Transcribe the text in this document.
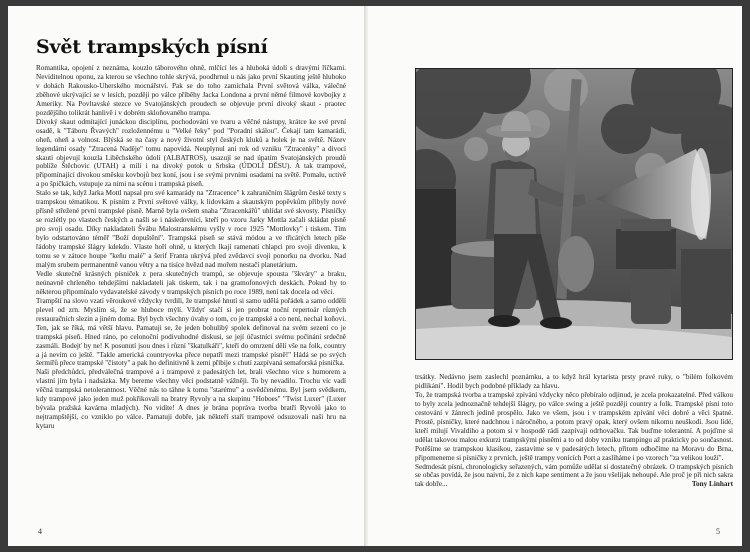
Svět trampských písní

Romantika, opojení z neznáma, kouzlo táborového ohně, mlčící les a hluboká údolí s dravými říčkami. Neviditelnou oponu, za kterou se všechno tohle skrývá, poodhrnul u nás jako první Skauting ještě hluboko v dobách Rakousko-Uherského mocnářství. Pak se do toho zamíchala První světová válka, válečné zběhové ukrývající se v lesích, později po válce příběhy Jacka Londona a první němé filmové kovbojky z Ameriky. Na Povltavské stezce ve Svatojánských proudech se objevuje první divoký skaut - praotec pozdějšího tolikrát hanlivě i v dobrém skloňovaného trampa.

Divoký skaut odmítající junáckou disciplínu, pochodování ve tvaru a věčné nástupy, krátce ke své první osadě, k "Táboru Řvavých" rozložennému u "Velké řeky" pod "Poradní skálou". Čekají tam kamarádi, oheň, oheň a volnost. Blýská se na časy a nový životní styl českých kluků a holek je na světě. Název legendární osady "Ztracená Naděje" tomu napovídá. Neuplynul ani rok od vzniku "Ztracenky" a divocí skauti objevují kouzla Liběchského údolí (ALBATROS), usazují se nad úpatím Svatojánských proudů poblíže Štěchovic (UTAH) a mílí i na divoký potok u Srbska (ÚDOLÍ DĚSU). A tak trampové, připomínající divokou směsku kovbojů bez koní, jsou i se svými prvními osadami na světě. Pomalu, uctivě a po špičkách, vstupuje za nimi na scénu i trampská píseň.

Stalo se tak, když Jarka Mottl napsal pro své kamarády na "Ztracence" k zahraničním šlágrům české texty s trampskou tématikou. K písním z První světové války, k lidovkám a skautským popěvkům přibyly nové přísně střežené první trampské písně. Marně byla ovšem snaha "Ztracenkářů" uhlídat své skvosty. Písničky se rozlétly po vlastech českých a našli se i následovníci, kteří po vzoru Jarky Mottla začali skládat písně pro svoji osadu. Díky nakladateli Švábu Malostranskému vyšly v roce 1925 "Mottlovky" i tiskem. Tím bylo odstartováno téměř "Boží dopuštění". Trampská píseň se stává módou a ve třicátých letech píše řádoby trampské šlágry kdekdo. Vlaste hoří ohně, u kterých lkají ramenatí chlapci pro svoji dívenku, k tomu se v zátoce houpe "keňu malé" a šerif Franta ukrývá před zvědavci svoji ponorku na dvorku. Nad malým srubem permanentně vanou větry a na tisíce hvězd nad mořem nestačí planetárium.

Vedle skutečně krásných písniček z pera skutečných trampů, se objevuje spousta "škváry" a braku, neúnavně chrleného tehdejšími nakladateli jak tiskem, tak i na gramofonových deskách. Pokud by to některou připomínalo vydavatelské závody v trampských písních po roce 1989, není tak docela od věci.

Trampští na slovo vzatí věroukové vždycky tvrdili, že trampské hnutí si samo udělá pořádek a samo oddělí plevel od zrn. Myslím si, že se hluboce mýlí. Vždyť stačí si jen probrat noční repertoár různých restauračních slezin a jiném doma. Byl bych všechny úvahy o tom, co je trampské a co není, nechal koňovi. Ten, jak se říká, má větší hlavu. Pamatuji se, že jeden bohulibý spolek definoval na svém sezení co je trampská píseň. Hned ráno, po celonoční podivuhodné diskusi, se její účastníci svému počinání srdečně zasmáli. Bodejť by ne! K posunutí jsou dnes i různí "škatulkáři", kteří do omrzení dělí vše na folk, country a já nevím co ještě. "Takle americká countryovka přece nepatří mezi trampské písně!" Hádá se po svých šermířů přece trampské "čistoty" a pak ho definitivně k zemi přibije s chutí zazpívaná semaforská písnička.

Naši předchůdci, předválečná trampové a i trampové z padesátých let, brali všechno více s humorem a vlastní jím byla i nadsázka. My bereme všechny věci podstatně vážněji. To by nevadilo. Trochu víc vadí věčná trampská netolerantnost. Věčné nás to táhne k tomu "starému" a osvědčenému. Byl jsem svědkem, kdy trampové jako jeden muž pokřikovali na bratry Ryvoly a na skupinu "Hoboes" "Twist Luxer" (Luxer bývala pražská kavárna mladých). No vidíte! A dnes je brána popráva tvorba bratří Ryvolů jako to nejtrampštější, co vzniklo po válce. Pamatuji dobře, jak někteří staří trampové odsuzovali naši hru na kytaru

4

trsátky. Nedávno jsem zaslechl poznámku, a to když hrál kytarista prsty pravé ruky, o "bílém folkovém pidlikání". Hodil bych podobné příklady za hlavu.

To, že trampská tvorba a trampské zpívání vždycky něco přebíralo odjinud, je zcela prokazatelné. Před válkou to byly zcela jednoznačně tehdejší šlágry, po válce swing a ještě později country a folk. Trampské písni toto cestování v žánrech jedině prospělo. Jako ve všem, jsou i v trampském zpívání věci dobré a věci špatné. Prostě, písničky, které nadchnou i náročného, a potom pravý opak, který ovšem nikomu neuškodí. Jsou lidé, kteří milují Vivaldiho a potom si v hospodě rádi zazpívají odrhovačku. Tak buďme tolerantní. A pojďme si udělat takovou malou exkurzi trampskými písněmi a to od doby vzniku trampingu až prakticky po současnost. Potěšíme se trampskou klasikou, zastavíme se v padesátých letech, přitom odbočíme na Moravu do Brna, připomeneme si písničky z prvních, ještě trampy vonících Port a zaslíháme i po vzorech "za velikou louží".

Sedmdesát písní, chronologicky seřazených, vám pomůže udělat si dostatečný obrázek. O trampských písních se občas povídá, že jsou naivní, že z nich kape sentiment a že jsou všelijak nehoupé. Ale proč je při nich sakra tak dobře...	Tony Linhart

5
